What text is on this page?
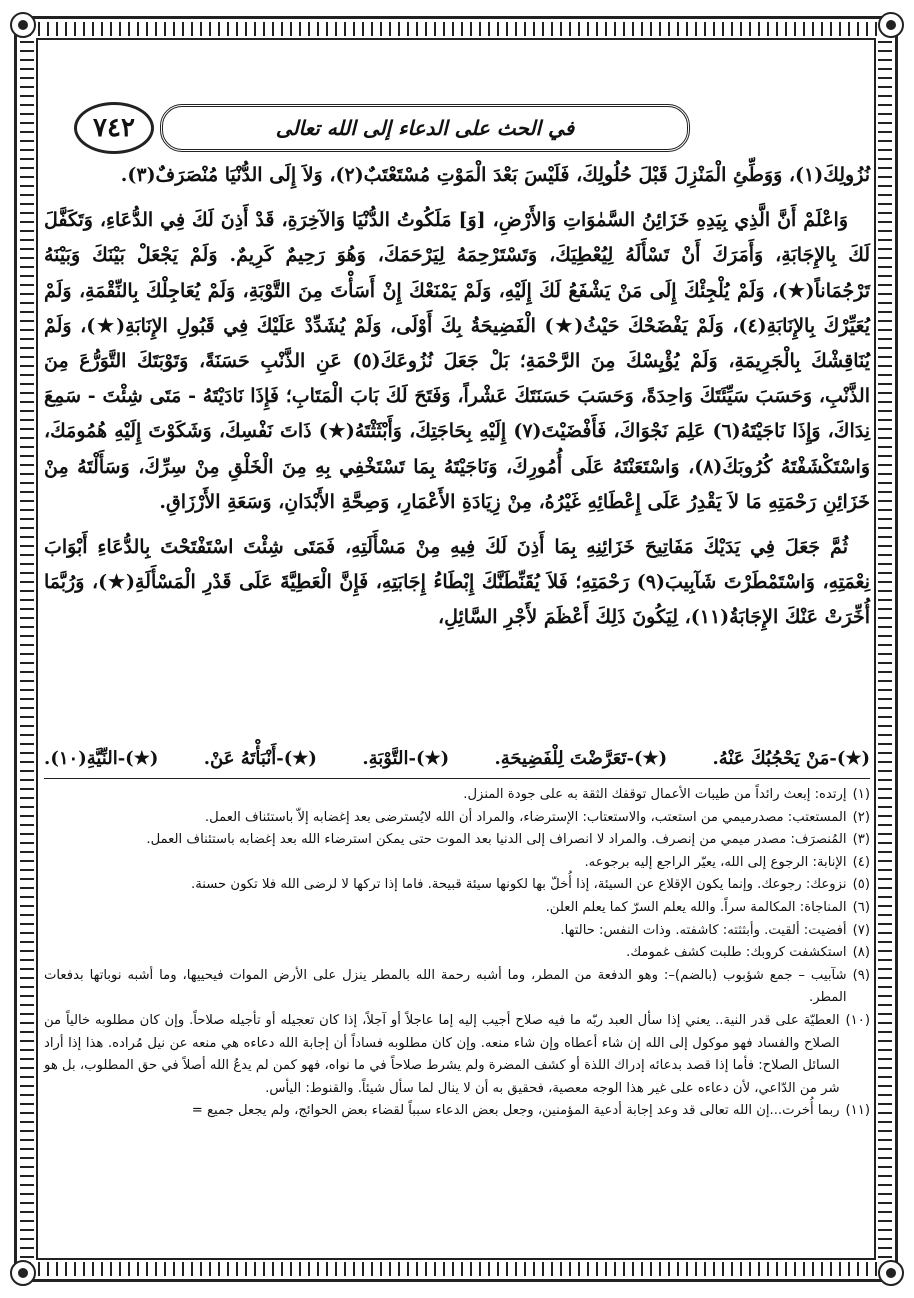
٧٤٢	في الحث على الدعاء إلى الله تعالى

نُزُولِكَ(١)، وَوَطِّئِ الْمَنْزِلَ قَبْلَ حُلُولِكَ، فَلَيْسَ بَعْدَ الْمَوْتِ مُسْتَعْتَبٌ(٢)، وَلاَ إِلَى الدُّنْيَا مُنْصَرَفٌ(٣).

وَاعْلَمْ أَنَّ الَّذِي بِيَدِهِ خَزَائِنُ السَّمٰوَاتِ وَالأَرْضِ، [وَ] مَلَكُوتُ الدُّنْيَا وَالآخِرَةِ، قَدْ أَذِنَ لَكَ فِي الدُّعَاءِ، وَتَكَفَّلَ لَكَ بِالإِجَابَةِ، وَأَمَرَكَ أَنْ تَسْأَلَهُ لِيُعْطِيَكَ، وَتَسْتَرْحِمَهُ لِيَرْحَمَكَ، وَهُوَ رَحِيمٌ كَرِيمٌ. وَلَمْ يَجْعَلْ بَيْنَكَ وَبَيْنَهُ تَرْجُمَاناً(★)، وَلَمْ يُلْجِئْكَ إِلَى مَنْ يَشْفَعُ لَكَ إِلَيْهِ، وَلَمْ يَمْنَعْكَ إِنْ أَسَأْتَ مِنَ التَّوْبَةِ، وَلَمْ يُعَاجِلْكَ بِالنِّقْمَةِ، وَلَمْ يُعَيِّرْكَ بِالإِنَابَةِ(٤)، وَلَمْ يَفْضَحْكَ حَيْثُ(★) الْفَضِيحَةُ بِكَ أَوْلَى، وَلَمْ يُشَدِّدْ عَلَيْكَ فِي قَبُولِ الإِنَابَةِ(★)، وَلَمْ يُنَاقِشْكَ بِالْجَرِيمَةِ، وَلَمْ يُؤْيِسْكَ مِنَ الرَّحْمَةِ؛ بَلْ جَعَلَ نُزُوعَكَ(٥) عَنِ الذَّنْبِ حَسَنَةً، وَتَوْبَتَكَ التَّوَرُّعَ مِنَ الذَّنْبِ، وَحَسَبَ سَيِّئَتَكَ وَاحِدَةً، وَحَسَبَ حَسَنَتَكَ عَشْراً، وَفَتَحَ لَكَ بَابَ الْمَتَابِ؛ فَإِذَا نَادَيْتَهُ - مَتَى شِئْتَ - سَمِعَ نِدَاكَ، وَإِذَا نَاجَيْتَهُ(٦) عَلِمَ نَجْوَاكَ، فَأَفْضَيْتَ(٧) إِلَيْهِ بِحَاجَتِكَ، وَأَبْثَثْتَهُ(★) ذَاتَ نَفْسِكَ، وَشَكَوْتَ إِلَيْهِ هُمُومَكَ، وَاسْتَكْشَفْتَهُ كُرُوبَكَ(٨)، وَاسْتَعَنْتَهُ عَلَى أُمُورِكَ، وَنَاجَيْتَهُ بِمَا تَسْتَخْفِي بِهِ مِنَ الْخَلْقِ مِنْ سِرِّكَ، وَسَأَلْتَهُ مِنْ خَزَائِنِ رَحْمَتِهِ مَا لاَ يَقْدِرُ عَلَى إِعْطَائِهِ غَيْرُهُ، مِنْ زِيَادَةِ الأَعْمَارِ، وَصِحَّةِ الأَبْدَانِ، وَسَعَةِ الأَرْزَاقِ.

ثُمَّ جَعَلَ فِي يَدَيْكَ مَفَاتِيحَ خَزَائِنِهِ بِمَا أَذِنَ لَكَ فِيهِ مِنْ مَسْأَلَتِهِ، فَمَتَى شِئْتَ اسْتَفْتَحْتَ بِالدُّعَاءِ أَبْوَابَ نِعْمَتِهِ، وَاسْتَمْطَرْتَ شَآبِيبَ(٩) رَحْمَتِهِ؛ فَلاَ يُقَنِّطَنَّكَ إِبْطَاءُ إِجَابَتِهِ، فَإِنَّ الْعَطِيَّةَ عَلَى قَدْرِ الْمَسْأَلَةِ(★)، وَرُبَّمَا أُخِّرَتْ عَنْكَ الإِجَابَةُ(١١)، لِيَكُونَ ذَلِكَ أَعْظَمَ لأَجْرِ السَّائِلِ،

(★)-مَنْ يَحْجُبُكَ عَنْهُ.
(★)-تَعَرَّضْتَ لِلْفَضِيحَةِ.
(★)-التَّوْبَةِ.
(★)-أَنْبَأْتَهُ عَنْ.
(★)-النِّيَّةِ(١٠).
(١)
إرتده: إبعث رائداً من طيبات الأعمال توقفك الثقة به على جودة المنزل.
(٢)
المستعتب: مصدرميمي من استعتب، والاستعتاب: الإسترضاء، والمراد أن الله لايُسترضى بعد إغضابه إلاّ باستئناف العمل.
(٣)
المُنصرَف: مصدر ميمي من إنصرف. والمراد لا انصراف إلى الدنيا بعد الموت حتى يمكن استرضاء الله بعد إغضابه باستئناف العمل.
(٤)
الإنابة: الرجوع إلى الله، يعيّر الراجع إليه برجوعه.
(٥)
نزوعك: رجوعك. وإنما يكون الإقلاع عن السيئة، إذا أُخلّ بها لكونها سيئة قبيحة. فاما إذا تركها لا لرضى الله فلا تكون حسنة.
(٦)
المناجاة: المكالمة سراً. والله يعلم السرّ كما يعلم العلن.
(٧)
أفضيت: ألقيت. وأبثثته: كاشفته. وذات النفس: حالتها.
(٨)
استكشفت كروبك: طلبت كشف غمومك.
(٩)
شآبيب – جمع شؤبوب (بالضم)–: وهو الدفعة من المطر، وما أشبه رحمة الله بالمطر ينزل على الأرض الموات فيحييها، وما أشبه نوباتها بدفعات المطر.
(١٠)
العطيّة على قدر النية.. يعني إذا سأل العبد ربّه ما فيه صلاح أجيب إليه إما عاجلاً أو آجلاً، إذا كان تعجيله أو تأجيله صلاحاً. وإن كان مطلوبه خالياً من الصلاح والفساد فهو موكول إلى الله إن شاء أعطاه وإن شاء منعه. وإن كان مطلوبه فساداً أن إجابة الله دعاءه هي منعه عن نيل مُراده. هذا إذا أراد السائل الصلاح: فأما إذا قصد بدعائه إدراك اللذة أو كشف المضرة ولم يشرط صلاحاً في ما نواه، فهو كمن لم يدعُ الله أصلاً في حق المطلوب، بل هو شر من الدّاعي، لأن دعاءه على غير هذا الوجه معصية، فحقيق به أن لا ينال لما سأل شيئاً. والقنوط: اليأس.
(١١)
ربما أُخرت...إن الله تعالى قد وعد إجابة أدعية المؤمنين، وجعل بعض الدعاء سبباً لقضاء بعض الحوائج، ولم يجعل جميع =
